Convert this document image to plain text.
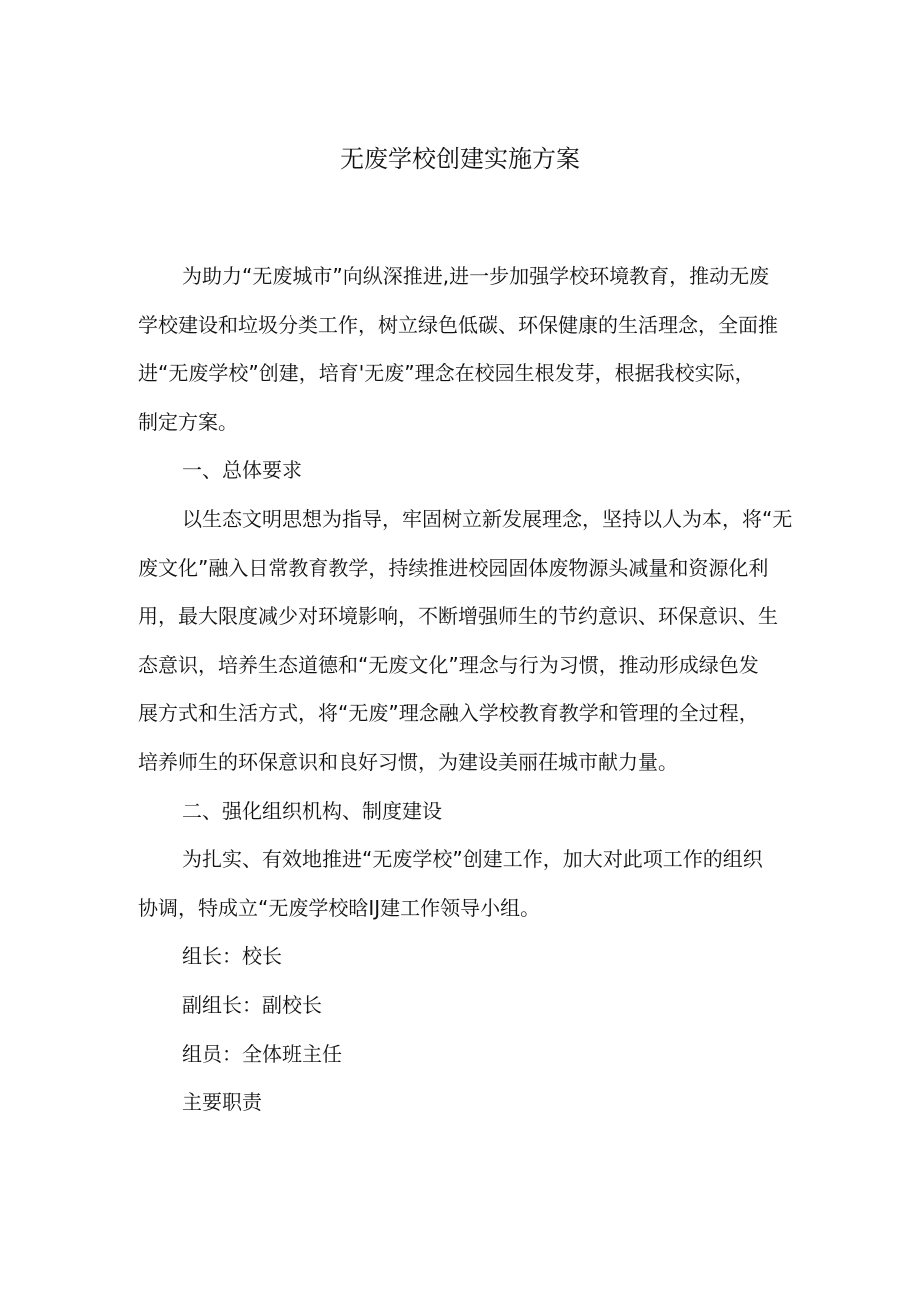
无废学校创建实施方案

为助力“无废城市”向纵深推进,进一步加强学校环境教育，推动无废
学校建设和垃圾分类工作，树立绿色低碳、环保健康的生活理念，全面推
进“无废学校”创建，培育'无废”理念在校园生根发芽，根据我校实际，
制定方案。

一、总体要求

以生态文明思想为指导，牢固树立新发展理念，坚持以人为本，将“无
废文化”融入日常教育教学，持续推进校园固体废物源头减量和资源化利
用，最大限度减少对环境影响，不断增强师生的节约意识、环保意识、生
态意识，培养生态道德和“无废文化”理念与行为习惯，推动形成绿色发
展方式和生活方式，将“无废”理念融入学校教育教学和管理的全过程，
培养师生的环保意识和良好习惯，为建设美丽茌城市献力量。

二、强化组织机构、制度建设

为扎实、有效地推进“无废学校”创建工作，加大对此项工作的组织
协调，特成立“无废学校晗IJ建工作领导小组。

组长：校长

副组长：副校长

组员：全体班主任

主要职责
